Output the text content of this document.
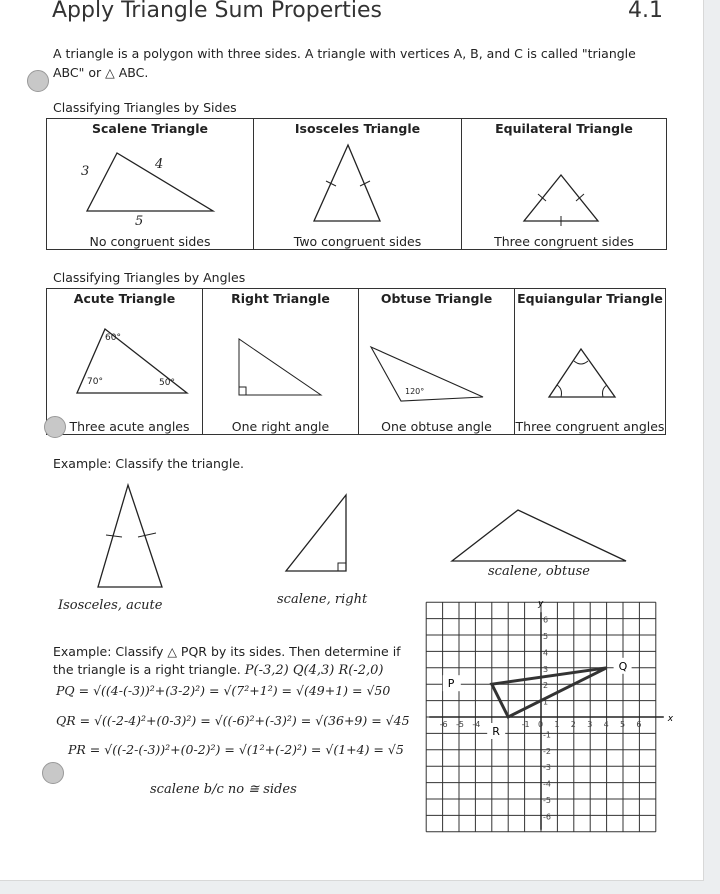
Apply Triangle Sum Properties	4.1
A triangle is a polygon with three sides. A triangle with vertices A, B, and C is called "triangle ABC" or △ ABC.
Classifying Triangles by Sides
Scalene Triangle
3	4
5
No congruent sides

Isosceles Triangle
Two congruent sides

Equilateral Triangle
Three congruent sides
Classifying Triangles by Angles
Acute Triangle
60°
70°	50°
Three acute angles

Right Triangle
One right angle

Obtuse Triangle
120°
One obtuse angle

Equiangular Triangle
Three congruent angles
Example: Classify the triangle.
Isosceles, acute	scalene, right
scalene, obtuse
Example: Classify △ PQR by its sides. Then determine if the triangle is a right triangle. P(-3,2) Q(4,3) R(-2,0)
PQ = √((4-(-3))²+(3-2)²) = √(7²+1²) = √(49+1) = √50
QR = √((-2-4)²+(0-3)²) = √((-6)²+(-3)²) = √(36+9) = √45
PR = √((-2-(-3))²+(0-2)²) = √(1²+(-2)²) = √(1+4) = √5
scalene b/c no ≅ sides
x
y
-6 -5 -4	-1 0 1 2 3 4 5 6
6
5
4
3
2
1
-1
-2
-3
-4
-5
-6
P
Q
R
